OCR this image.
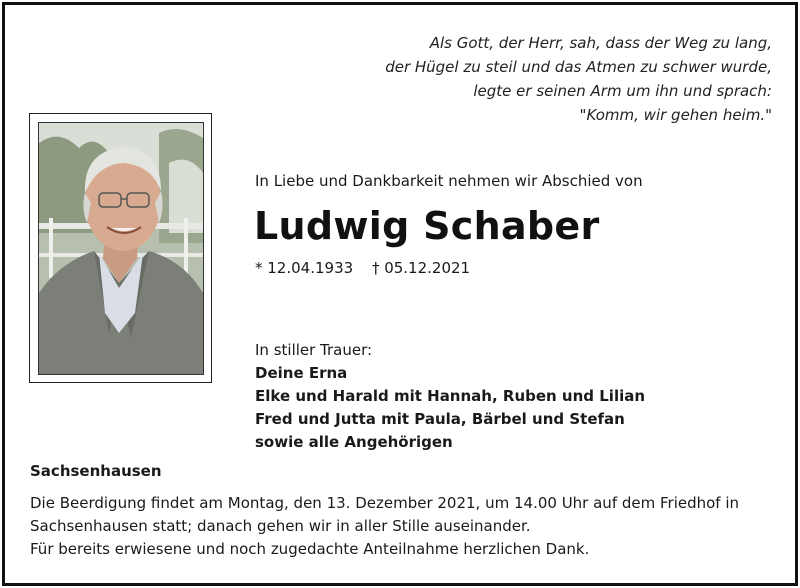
Als Gott, der Herr, sah, dass der Weg zu lang,
der Hügel zu steil und das Atmen zu schwer wurde,
legte er seinen Arm um ihn und sprach:
"Komm, wir gehen heim."
In Liebe und Dankbarkeit nehmen wir Abschied von
Ludwig Schaber
* 12.04.1933 † 05.12.2021
In stiller Trauer:
Deine Erna
Elke und Harald mit Hannah, Ruben und Lilian
Fred und Jutta mit Paula, Bärbel und Stefan
sowie alle Angehörigen
Sachsenhausen
Die Beerdigung findet am Montag, den 13. Dezember 2021, um 14.00 Uhr auf dem Friedhof in
Sachsenhausen statt; danach gehen wir in aller Stille auseinander.
Für bereits erwiesene und noch zugedachte Anteilnahme herzlichen Dank.
